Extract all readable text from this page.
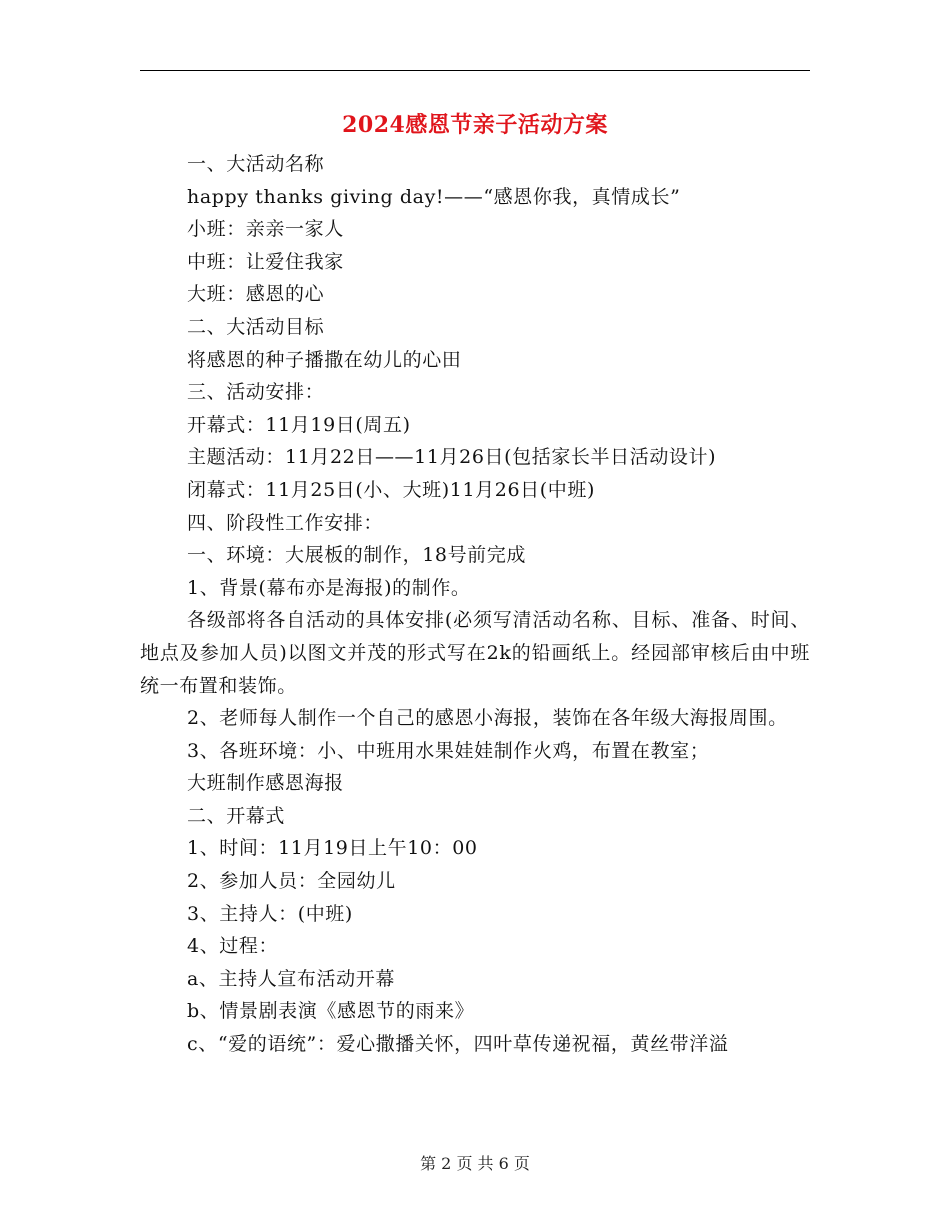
2024感恩节亲子活动方案

一、大活动名称

happy thanks giving day!——“感恩你我，真情成长”

小班：亲亲一家人

中班：让爱住我家

大班：感恩的心

二、大活动目标

将感恩的种子播撒在幼儿的心田

三、活动安排：

开幕式：11月19日(周五)

主题活动：11月22日——11月26日(包括家长半日活动设计)

闭幕式：11月25日(小、大班)11月26日(中班)

四、阶段性工作安排：

一、环境：大展板的制作，18号前完成

1、背景(幕布亦是海报)的制作。

各级部将各自活动的具体安排(必须写清活动名称、目标、准备、时间、地点及参加人员)以图文并茂的形式写在2k的铅画纸上。经园部审核后由中班统一布置和装饰。

2、老师每人制作一个自己的感恩小海报，装饰在各年级大海报周围。

3、各班环境：小、中班用水果娃娃制作火鸡，布置在教室；

大班制作感恩海报

二、开幕式

1、时间：11月19日上午10：00

2、参加人员：全园幼儿

3、主持人：(中班)

4、过程：

a、主持人宣布活动开幕

b、情景剧表演《感恩节的雨来》

c、“爱的语统”：爱心撒播关怀，四叶草传递祝福，黄丝带洋溢

第 2 页 共 6 页
